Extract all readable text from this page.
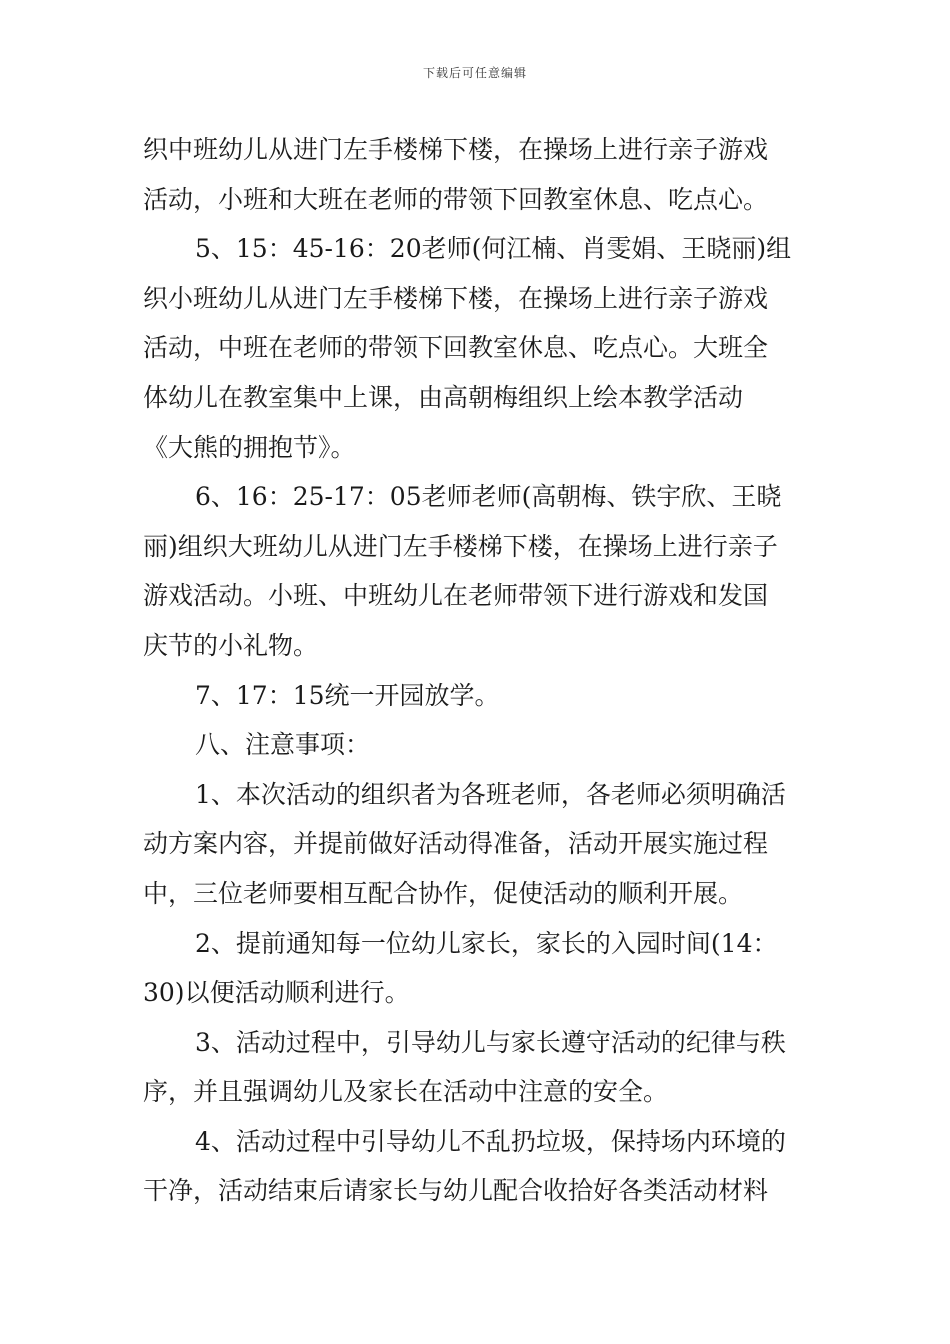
下载后可任意编辑
织中班幼儿从进门左手楼梯下楼，在操场上进行亲子游戏
活动，小班和大班在老师的带领下回教室休息、吃点心。
5、15：45-16：20老师(何江楠、肖雯娟、王晓丽)组
织小班幼儿从进门左手楼梯下楼，在操场上进行亲子游戏
活动，中班在老师的带领下回教室休息、吃点心。大班全
体幼儿在教室集中上课，由高朝梅组织上绘本教学活动
《大熊的拥抱节》。
6、16：25-17：05老师老师(高朝梅、铁宇欣、王晓
丽)组织大班幼儿从进门左手楼梯下楼，在操场上进行亲子
游戏活动。小班、中班幼儿在老师带领下进行游戏和发国
庆节的小礼物。
7、17：15统一开园放学。
八、注意事项：
1、本次活动的组织者为各班老师，各老师必须明确活
动方案内容，并提前做好活动得准备，活动开展实施过程
中，三位老师要相互配合协作，促使活动的顺利开展。
2、提前通知每一位幼儿家长，家长的入园时间(14：
30)以便活动顺利进行。
3、活动过程中，引导幼儿与家长遵守活动的纪律与秩
序，并且强调幼儿及家长在活动中注意的安全。
4、活动过程中引导幼儿不乱扔垃圾，保持场内环境的
干净，活动结束后请家长与幼儿配合收拾好各类活动材料
